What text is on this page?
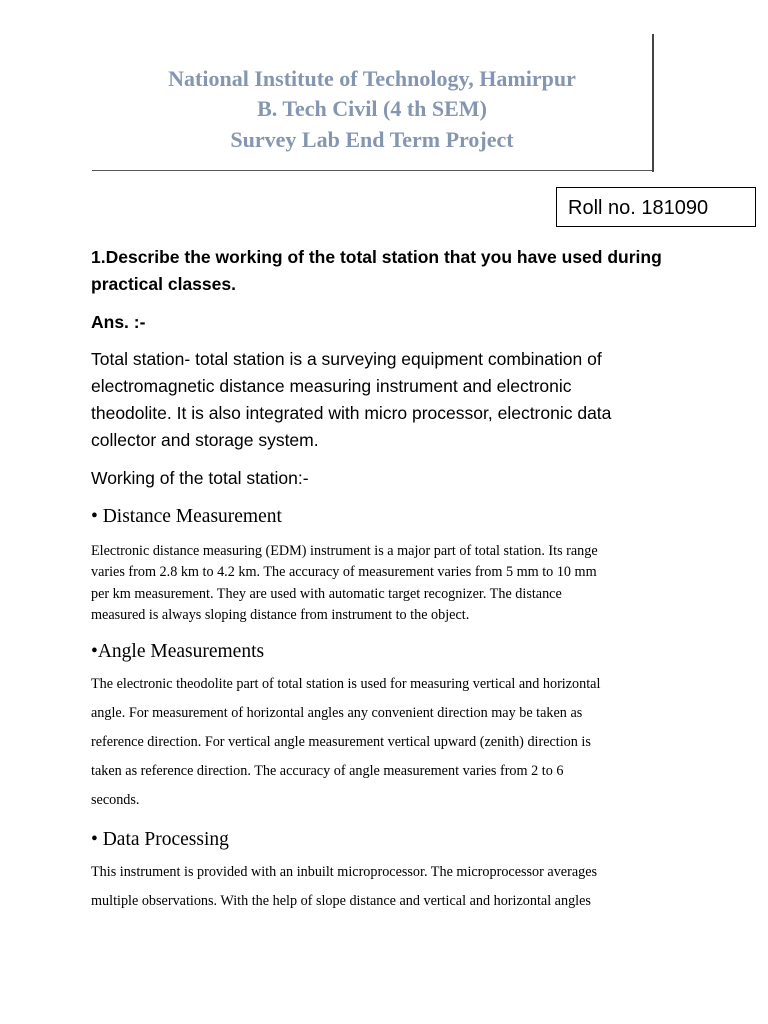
National Institute of Technology, Hamirpur
B. Tech Civil (4 th SEM)
Survey Lab End Term Project
Roll no. 181090
1.Describe the working of the total station that you have used during
practical classes.
Ans. :-
Total station- total station is a surveying equipment combination of
electromagnetic distance measuring instrument and electronic
theodolite. It is also integrated with micro processor, electronic data
collector and storage system.
Working of the total station:-
• Distance Measurement
Electronic distance measuring (EDM) instrument is a major part of total station. Its range
varies from 2.8 km to 4.2 km. The accuracy of measurement varies from 5 mm to 10 mm
per km measurement. They are used with automatic target recognizer. The distance
measured is always sloping distance from instrument to the object.
•Angle Measurements
The electronic theodolite part of total station is used for measuring vertical and horizontal
angle. For measurement of horizontal angles any convenient direction may be taken as
reference direction. For vertical angle measurement vertical upward (zenith) direction is
taken as reference direction. The accuracy of angle measurement varies from 2 to 6
seconds.
• Data Processing
This instrument is provided with an inbuilt microprocessor. The microprocessor averages
multiple observations. With the help of slope distance and vertical and horizontal angles
